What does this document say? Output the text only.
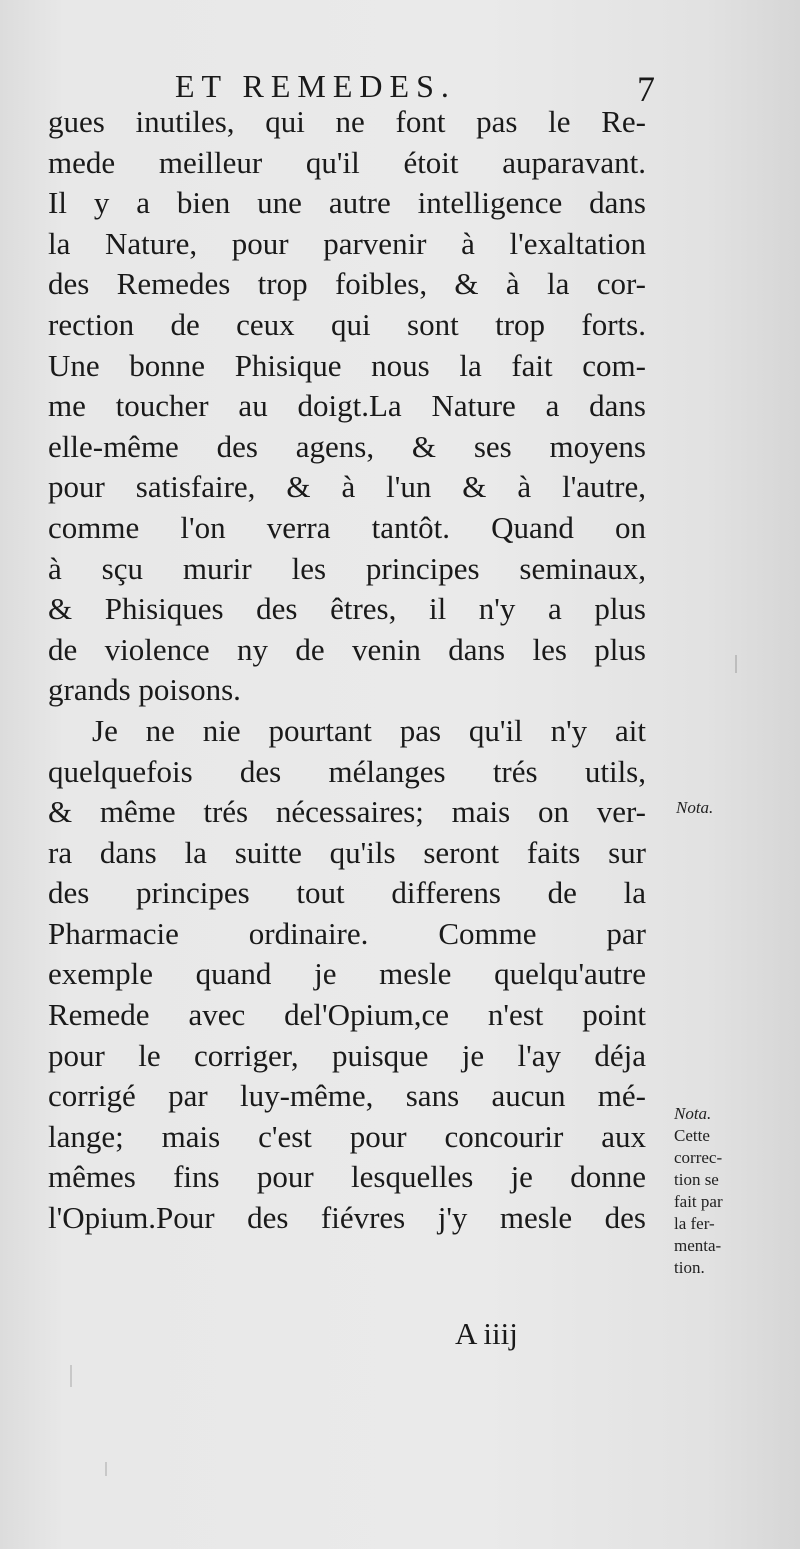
ET REMEDES.	7
gues inutiles, qui ne font pas le Re-
mede meilleur qu'il étoit auparavant.
Il y a bien une autre intelligence dans
la Nature, pour parvenir à l'exaltation
des Remedes trop foibles, & à la cor-
rection de ceux qui sont trop forts.
Une bonne Phisique nous la fait com-
me toucher au doigt.La Nature a dans
elle-même des agens, & ses moyens
pour satisfaire, & à l'un & à l'autre,
comme l'on verra tantôt. Quand on
à sçu murir les principes seminaux,
& Phisiques des êtres, il n'y a plus
de violence ny de venin dans les plus
grands poisons.
Je ne nie pourtant pas qu'il n'y ait
quelquefois des mélanges trés utils,
& même trés nécessaires; mais on ver-
ra dans la suitte qu'ils seront faits sur
des principes tout differens de la
Pharmacie ordinaire. Comme par
exemple quand je mesle quelqu'autre
Remede avec del'Opium,ce n'est point
pour le corriger, puisque je l'ay déja
corrigé par luy-même, sans aucun mé-
lange; mais c'est pour concourir aux
mêmes fins pour lesquelles je donne
l'Opium.Pour des fiévres j'y mesle des
A iiij
Nota.
Nota.
Cette
correc-
tion se
fait par
la fer-
menta-
tion.
